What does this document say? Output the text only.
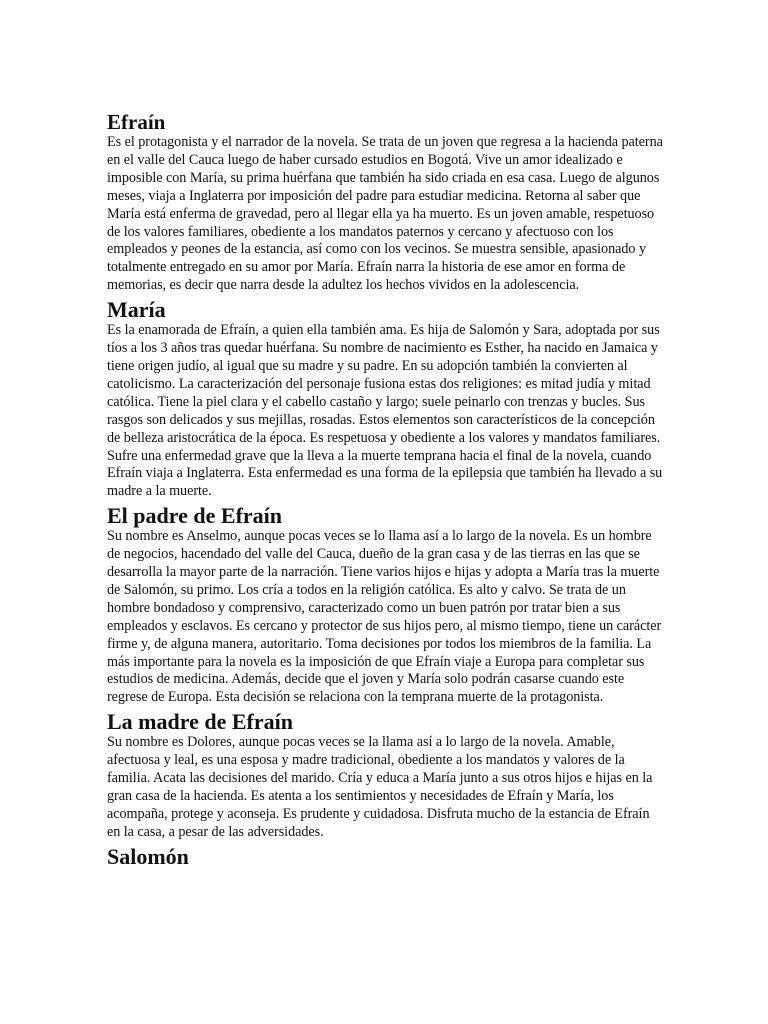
Efraín

Es el protagonista y el narrador de la novela. Se trata de un joven que regresa a la hacienda paterna en el valle del Cauca luego de haber cursado estudios en Bogotá. Vive un amor idealizado e imposible con María, su prima huérfana que también ha sido criada en esa casa. Luego de algunos meses, viaja a Inglaterra por imposición del padre para estudiar medicina. Retorna al saber que María está enferma de gravedad, pero al llegar ella ya ha muerto. Es un joven amable, respetuoso de los valores familiares, obediente a los mandatos paternos y cercano y afectuoso con los empleados y peones de la estancia, así como con los vecinos. Se muestra sensible, apasionado y totalmente entregado en su amor por María. Efraín narra la historia de ese amor en forma de memorias, es decir que narra desde la adultez los hechos vividos en la adolescencia.

María

Es la enamorada de Efraín, a quien ella también ama. Es hija de Salomón y Sara, adoptada por sus tíos a los 3 años tras quedar huérfana. Su nombre de nacimiento es Esther, ha nacido en Jamaica y tiene origen judío, al igual que su madre y su padre. En su adopción también la convierten al catolicismo. La caracterización del personaje fusiona estas dos religiones: es mitad judía y mitad católica. Tiene la piel clara y el cabello castaño y largo; suele peinarlo con trenzas y bucles. Sus rasgos son delicados y sus mejillas, rosadas. Estos elementos son característicos de la concepción de belleza aristocrática de la época. Es respetuosa y obediente a los valores y mandatos familiares. Sufre una enfermedad grave que la lleva a la muerte temprana hacia el final de la novela, cuando Efraín viaja a Inglaterra. Esta enfermedad es una forma de la epilepsia que también ha llevado a su madre a la muerte.

El padre de Efraín

Su nombre es Anselmo, aunque pocas veces se lo llama así a lo largo de la novela. Es un hombre de negocios, hacendado del valle del Cauca, dueño de la gran casa y de las tierras en las que se desarrolla la mayor parte de la narración. Tiene varios hijos e hijas y adopta a María tras la muerte de Salomón, su primo. Los cría a todos en la religión católica. Es alto y calvo. Se trata de un hombre bondadoso y comprensivo, caracterizado como un buen patrón por tratar bien a sus empleados y esclavos. Es cercano y protector de sus hijos pero, al mismo tiempo, tiene un carácter firme y, de alguna manera, autoritario. Toma decisiones por todos los miembros de la familia. La más importante para la novela es la imposición de que Efraín viaje a Europa para completar sus estudios de medicina. Además, decide que el joven y María solo podrán casarse cuando este regrese de Europa. Esta decisión se relaciona con la temprana muerte de la protagonista.

La madre de Efraín

Su nombre es Dolores, aunque pocas veces se la llama así a lo largo de la novela. Amable, afectuosa y leal, es una esposa y madre tradicional, obediente a los mandatos y valores de la familia. Acata las decisiones del marido. Cría y educa a María junto a sus otros hijos e hijas en la gran casa de la hacienda. Es atenta a los sentimientos y necesidades de Efraín y María, los acompaña, protege y aconseja. Es prudente y cuidadosa. Disfruta mucho de la estancia de Efraín en la casa, a pesar de las adversidades.

Salomón
